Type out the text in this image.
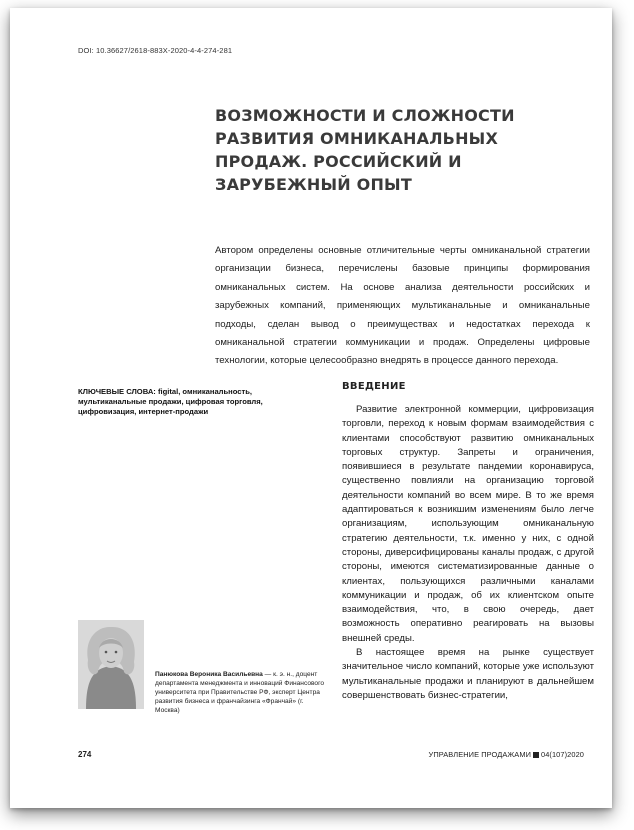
DOI: 10.36627/2618-883X-2020-4-4-274-281
ВОЗМОЖНОСТИ И СЛОЖНОСТИ РАЗВИТИЯ ОМНИКАНАЛЬНЫХ ПРОДАЖ. РОССИЙСКИЙ И ЗАРУБЕЖНЫЙ ОПЫТ
Автором определены основные отличительные черты омниканальной стратегии организации бизнеса, перечислены базовые принципы формирования омниканальных систем. На основе анализа деятельности российских и зарубежных компаний, применяющих мультиканальные и омниканальные подходы, сделан вывод о преимуществах и недостатках перехода к омниканальной стратегии коммуникации и продаж. Определены цифровые технологии, которые целесообразно внедрять в процессе данного перехода.
КЛЮЧЕВЫЕ СЛОВА: figital, омниканальность, мультиканальные продажи, цифровая торговля, цифровизация, интернет-продажи
ВВЕДЕНИЕ

Развитие электронной коммерции, цифровизация торговли, переход к новым формам взаимодействия с клиентами способствуют развитию омниканальных торговых структур. Запреты и ограничения, появившиеся в результате пандемии коронавируса, существенно повлияли на организацию торговой деятельности компаний во всем мире. В то же время адаптироваться к возникшим изменениям было легче организациям, использующим омниканальную стратегию деятельности, т.к. именно у них, с одной стороны, диверсифицированы каналы продаж, с другой стороны, имеются систематизированные данные о клиентах, пользующихся различными каналами коммуникации и продаж, об их клиентском опыте взаимодействия, что, в свою очередь, дает возможность оперативно реагировать на вызовы внешней среды.

В настоящее время на рынке существует значительное число компаний, которые уже используют мультиканальные продажи и планируют в дальнейшем совершенствовать бизнес-стратегии,

Панюкова Вероника Васильевна — к. э. н., доцент департамента менеджмента и инноваций Финансового университета при Правительстве РФ, эксперт Центра развития бизнеса и франчайзинга «Франчай» (г. Москва)
274	УПРАВЛЕНИЕ ПРОДАЖАМИ 04(107)2020
